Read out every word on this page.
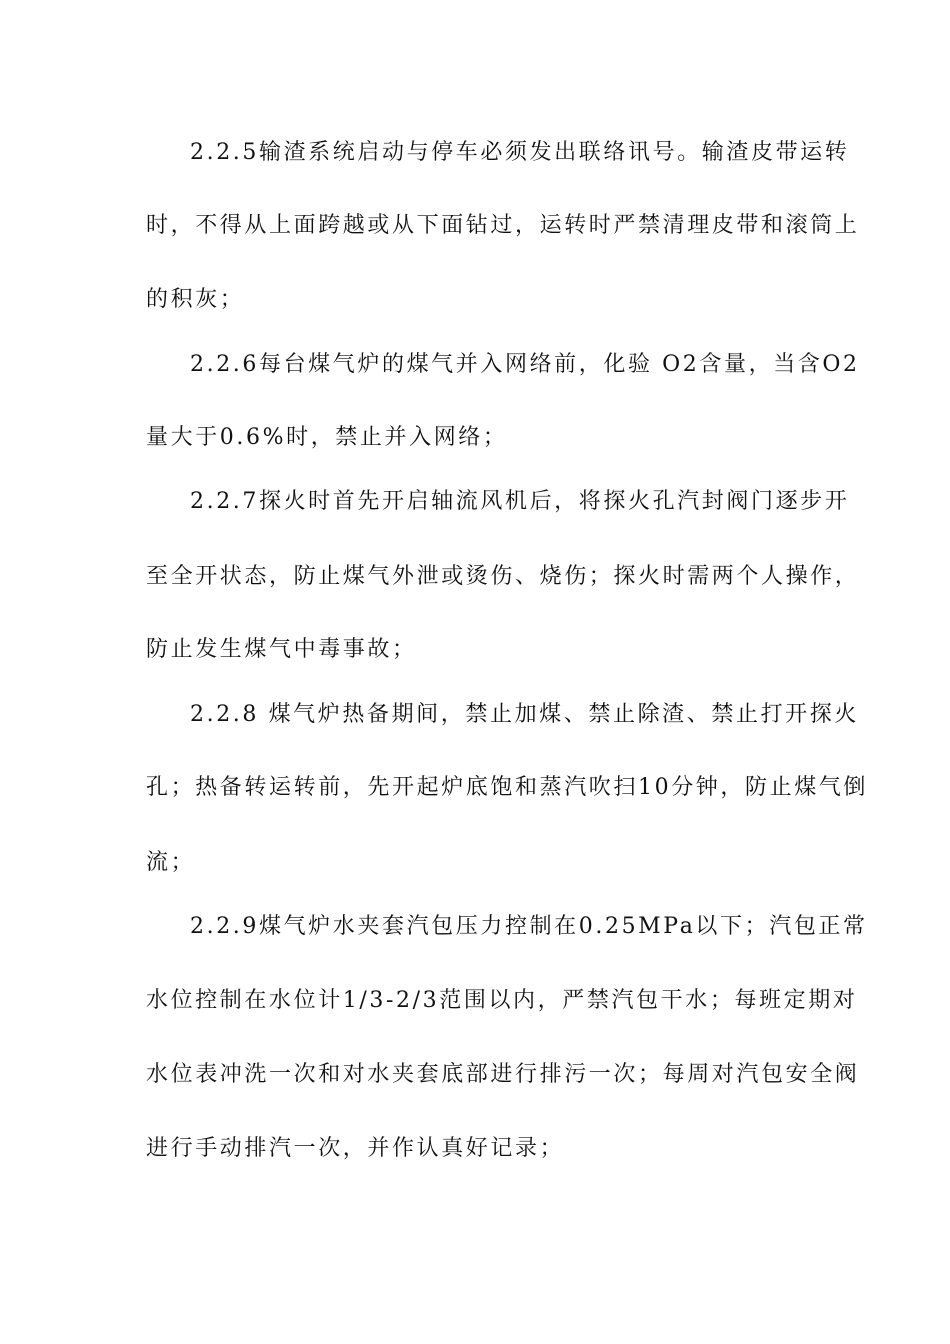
2.2.5输渣系统启动与停车必须发出联络讯号。输渣皮带运转
时，不得从上面跨越或从下面钻过，运转时严禁清理皮带和滚筒上
的积灰；
2.2.6每台煤气炉的煤气并入网络前，化验 O2含量，当含O2
量大于0.6%时，禁止并入网络；
2.2.7探火时首先开启轴流风机后，将探火孔汽封阀门逐步开
至全开状态，防止煤气外泄或烫伤、烧伤；探火时需两个人操作，
防止发生煤气中毒事故；
2.2.8 煤气炉热备期间，禁止加煤、禁止除渣、禁止打开探火
孔；热备转运转前，先开起炉底饱和蒸汽吹扫10分钟，防止煤气倒
流；
2.2.9煤气炉水夹套汽包压力控制在0.25MPa以下；汽包正常
水位控制在水位计1/3-2/3范围以内，严禁汽包干水；每班定期对
水位表冲洗一次和对水夹套底部进行排污一次；每周对汽包安全阀
进行手动排汽一次，并作认真好记录；
